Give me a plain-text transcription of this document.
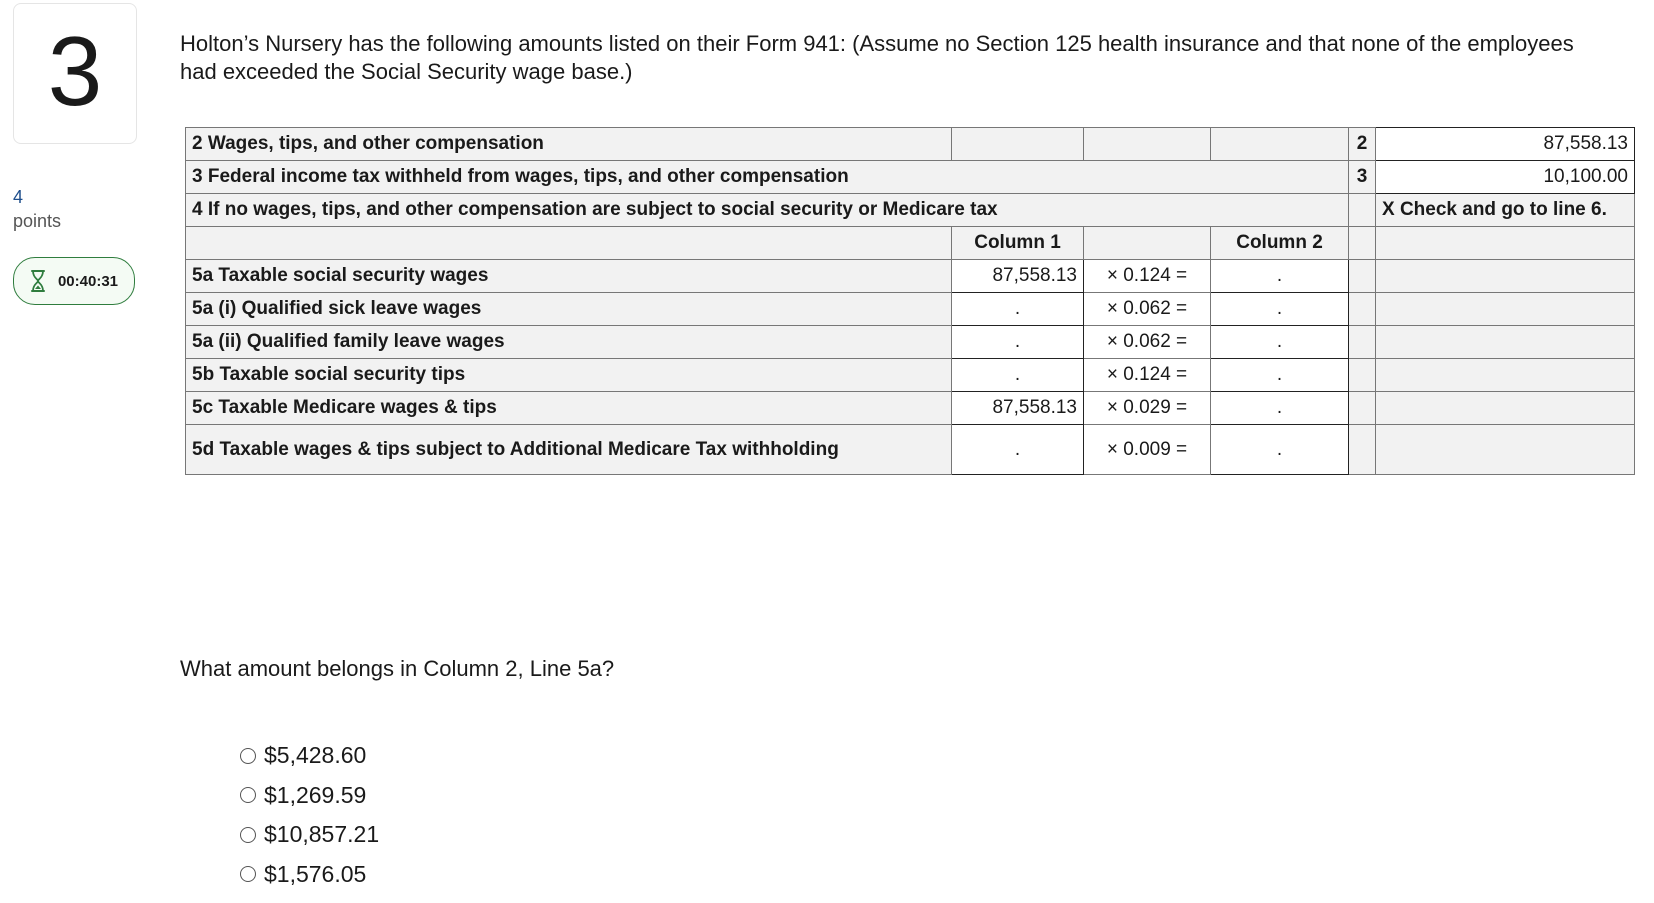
3
4
points
00:40:31
Holton’s Nursery has the following amounts listed on their Form 941: (Assume no Section 125 health insurance and that none of the employees had exceeded the Social Security wage base.)
2 Wages, tips, and other compensation				2	87,558.13
3 Federal income tax withheld from wages, tips, and other compensation				3	10,100.00
4 If no wages, tips, and other compensation are subject to social security or Medicare tax					X Check and go to line 6.
	Column 1		Column 2		
5a Taxable social security wages	87,558.13	× 0.124 =	.		
5a (i) Qualified sick leave wages	.	× 0.062 =	.		
5a (ii) Qualified family leave wages	.	× 0.062 =	.		
5b Taxable social security tips	.	× 0.124 =	.		
5c Taxable Medicare wages & tips	87,558.13	× 0.029 =	.		
5d Taxable wages & tips subject to Additional Medicare Tax withholding	.	× 0.009 =	.		
What amount belongs in Column 2, Line 5a?
$5,428.60
$1,269.59
$10,857.21
$1,576.05
